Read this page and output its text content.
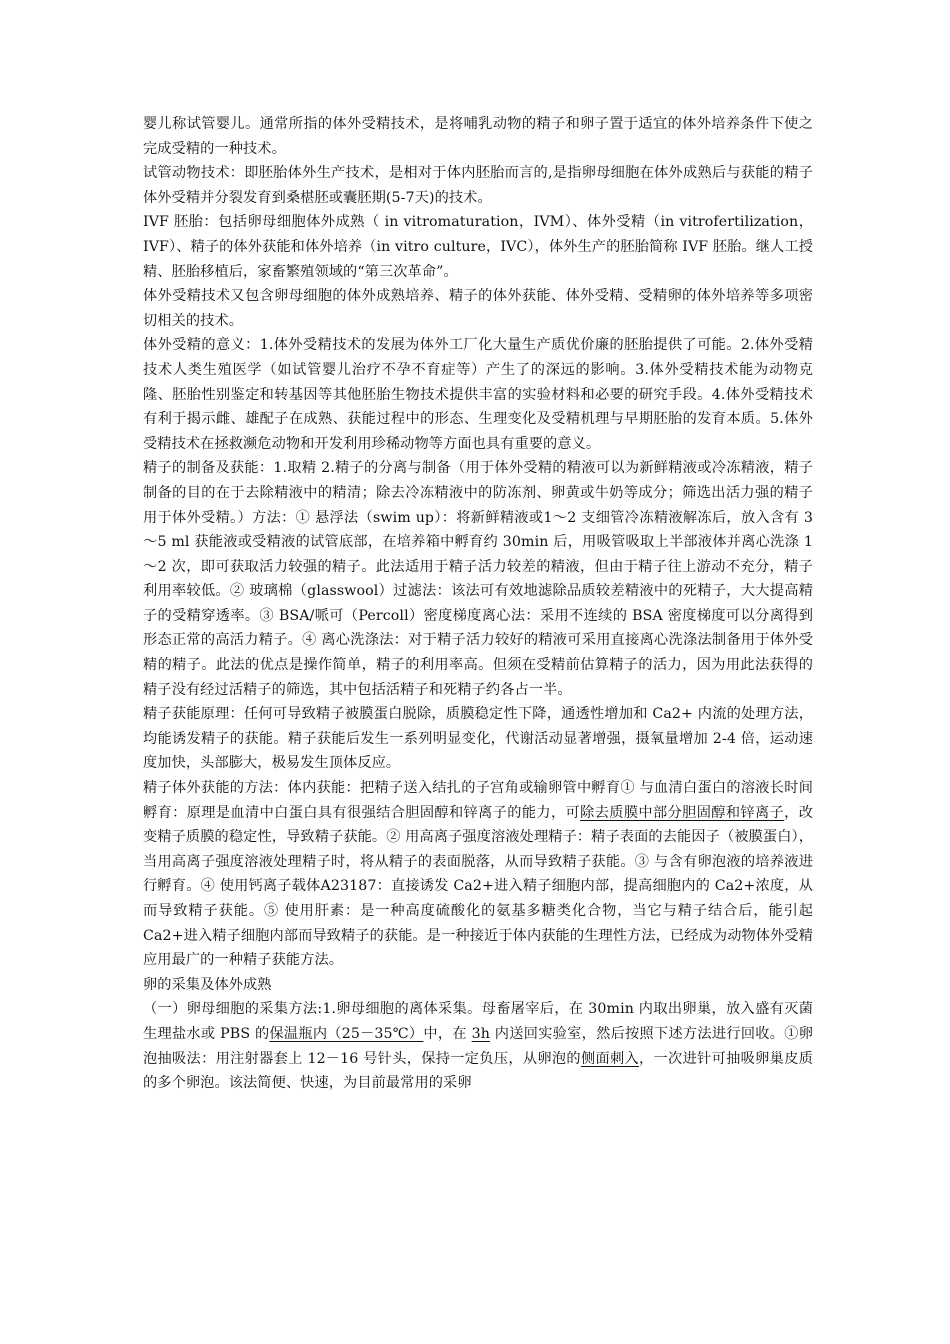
婴儿称试管婴儿。通常所指的体外受精技术，是将哺乳动物的精子和卵子置于适宜的体外培养条件下使之完成受精的一种技术。

试管动物技术：即胚胎体外生产技术，是相对于体内胚胎而言的,是指卵母细胞在体外成熟后与获能的精子体外受精并分裂发育到桑椹胚或囊胚期(5-7天)的技术。

IVF 胚胎：包括卵母细胞体外成熟（ in vitromaturation，IVM）、体外受精（in vitrofertilization，IVF）、精子的体外获能和体外培养（in vitro culture，IVC），体外生产的胚胎简称 IVF 胚胎。继人工授精、胚胎移植后，家畜繁殖领域的“第三次革命”。

体外受精技术又包含卵母细胞的体外成熟培养、精子的体外获能、体外受精、受精卵的体外培养等多项密切相关的技术。

体外受精的意义：1.体外受精技术的发展为体外工厂化大量生产质优价廉的胚胎提供了可能。2.体外受精技术人类生殖医学（如试管婴儿治疗不孕不育症等）产生了的深远的影响。3.体外受精技术能为动物克隆、胚胎性别鉴定和转基因等其他胚胎生物技术提供丰富的实验材料和必要的研究手段。4.体外受精技术有利于揭示雌、雄配子在成熟、获能过程中的形态、生理变化及受精机理与早期胚胎的发育本质。5.体外受精技术在拯救濒危动物和开发利用珍稀动物等方面也具有重要的意义。

精子的制备及获能：1.取精 2.精子的分离与制备（用于体外受精的精液可以为新鲜精液或冷冻精液，精子制备的目的在于去除精液中的精清；除去冷冻精液中的防冻剂、卵黄或牛奶等成分；筛选出活力强的精子用于体外受精。）方法：① 悬浮法（swim up）：将新鲜精液或1～2 支细管冷冻精液解冻后，放入含有 3～5 ml 获能液或受精液的试管底部，在培养箱中孵育约 30min 后，用吸管吸取上半部液体并离心洗涤 1～2 次，即可获取活力较强的精子。此法适用于精子活力较差的精液，但由于精子往上游动不充分，精子利用率较低。② 玻璃棉（glasswool）过滤法：该法可有效地滤除品质较差精液中的死精子，大大提高精子的受精穿透率。③ BSA/哌可（Percoll）密度梯度离心法：采用不连续的 BSA 密度梯度可以分离得到形态正常的高活力精子。④ 离心洗涤法：对于精子活力较好的精液可采用直接离心洗涤法制备用于体外受精的精子。此法的优点是操作简单，精子的利用率高。但须在受精前估算精子的活力，因为用此法获得的精子没有经过活精子的筛选，其中包括活精子和死精子约各占一半。

精子获能原理：任何可导致精子被膜蛋白脱除，质膜稳定性下降，通透性增加和 Ca2+ 内流的处理方法，均能诱发精子的获能。精子获能后发生一系列明显变化，代谢活动显著增强，摄氧量增加 2-4 倍，运动速度加快，头部膨大，极易发生顶体反应。

精子体外获能的方法：体内获能：把精子送入结扎的子宫角或输卵管中孵育① 与血清白蛋白的溶液长时间孵育：原理是血清中白蛋白具有很强结合胆固醇和锌离子的能力，可除去质膜中部分胆固醇和锌离子，改变精子质膜的稳定性，导致精子获能。② 用高离子强度溶液处理精子：精子表面的去能因子（被膜蛋白），当用高离子强度溶液处理精子时，将从精子的表面脱落，从而导致精子获能。③ 与含有卵泡液的培养液进行孵育。④ 使用钙离子载体A23187：直接诱发 Ca2+进入精子细胞内部，提高细胞内的 Ca2+浓度，从而导致精子获能。⑤ 使用肝素：是一种高度硫酸化的氨基多糖类化合物，当它与精子结合后，能引起 Ca2+进入精子细胞内部而导致精子的获能。是一种接近于体内获能的生理性方法，已经成为动物体外受精应用最广的一种精子获能方法。

卵的采集及体外成熟

（一）卵母细胞的采集方法:1.卵母细胞的离体采集。母畜屠宰后，在 30min 内取出卵巢，放入盛有灭菌生理盐水或 PBS 的保温瓶内（25－35℃）中，在 3h 内送回实验室，然后按照下述方法进行回收。①卵泡抽吸法：用注射器套上 12－16 号针头，保持一定负压，从卵泡的侧面刺入，一次进针可抽吸卵巢皮质的多个卵泡。该法简便、快速，为目前最常用的采卵
